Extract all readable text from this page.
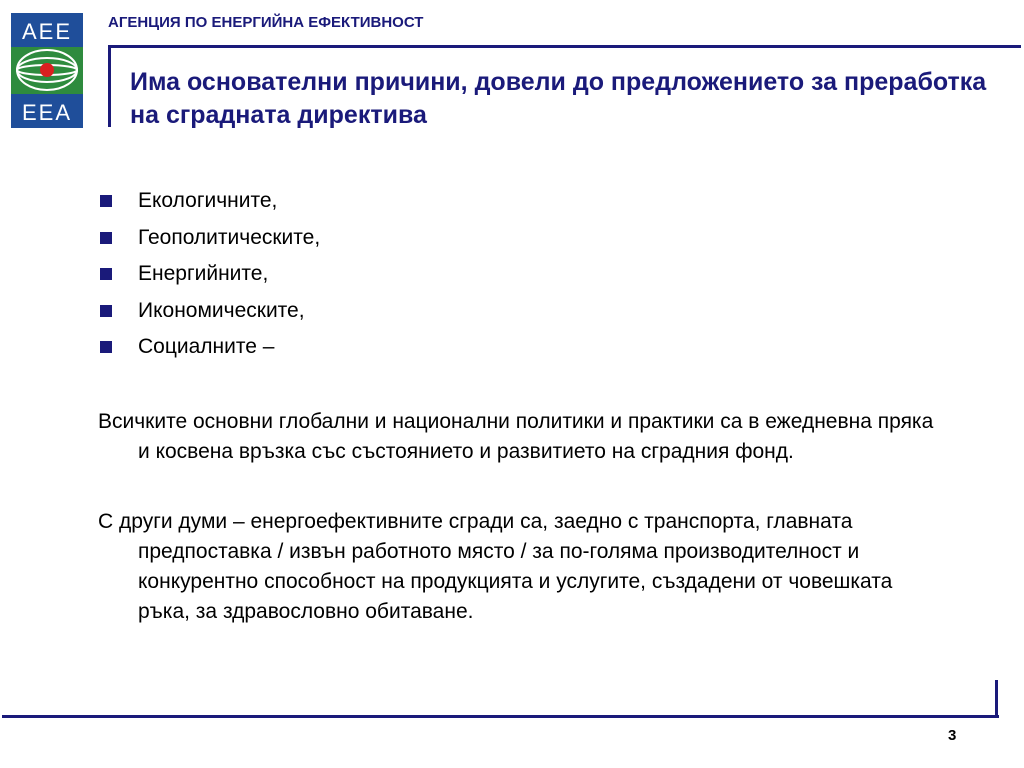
AEE
EEA
АГЕНЦИЯ ПО ЕНЕРГИЙНА ЕФЕКТИВНОСТ
Има основателни причини, довели до предложението за преработка на сградната директива
Екологичните,
Геополитическите,
Енергийните,
Икономическите,
Социалните –

Всичките основни глобални и национални политики и практики са в ежедневна пряка и косвена връзка със състоянието и развитието на сградния фонд.

С други думи – енергоефективните сгради са, заедно с транспорта, главната предпоставка / извън работното място / за по-голяма производителност и конкурентно способност на продукцията и услугите, създадени от човешката ръка, за здравословно обитаване.

3
